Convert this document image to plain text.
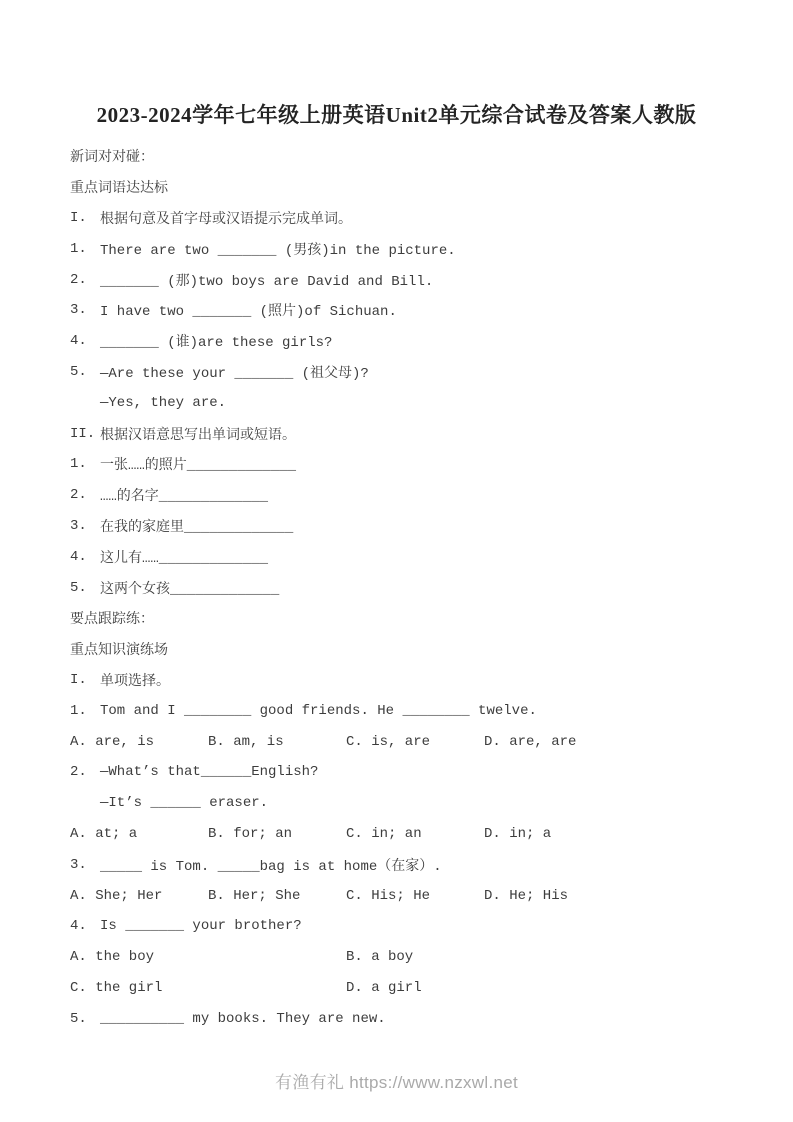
2023-2024学年七年级上册英语Unit2单元综合试卷及答案人教版
新词对对碰：
重点词语达达标
I. 根据句意及首字母或汉语提示完成单词。
1. There are two _______ (男孩)in the picture.
2. _______ (那)two boys are David and Bill.
3. I have two _______ (照片)of Sichuan.
4. _______ (谁)are these girls?
5. —Are these your _______ (祖父母)?
—Yes, they are.
II. 根据汉语意思写出单词或短语。
1. 一张……的照片_____________
2. ……的名字_____________
3. 在我的家庭里_____________
4. 这儿有……_____________
5. 这两个女孩_____________
要点跟踪练：
重点知识演练场
I. 单项选择。
1. Tom and I ________ good friends. He ________ twelve.
A. are, is	B. am, is	C. is, are	D. are, are
2. —What’s that______English?
—It’s ______ eraser.
A. at; a	B. for; an	C. in; an	D. in; a
3. _____ is Tom. _____bag is at home（在家）.
A. She; Her	B. Her; She	C. His; He	D. He; His
4. Is _______ your brother?
A. the boy	B. a boy
C. the girl	D. a girl
5. __________ my books. They are new.
有渔有礼 https://www.nzxwl.net
